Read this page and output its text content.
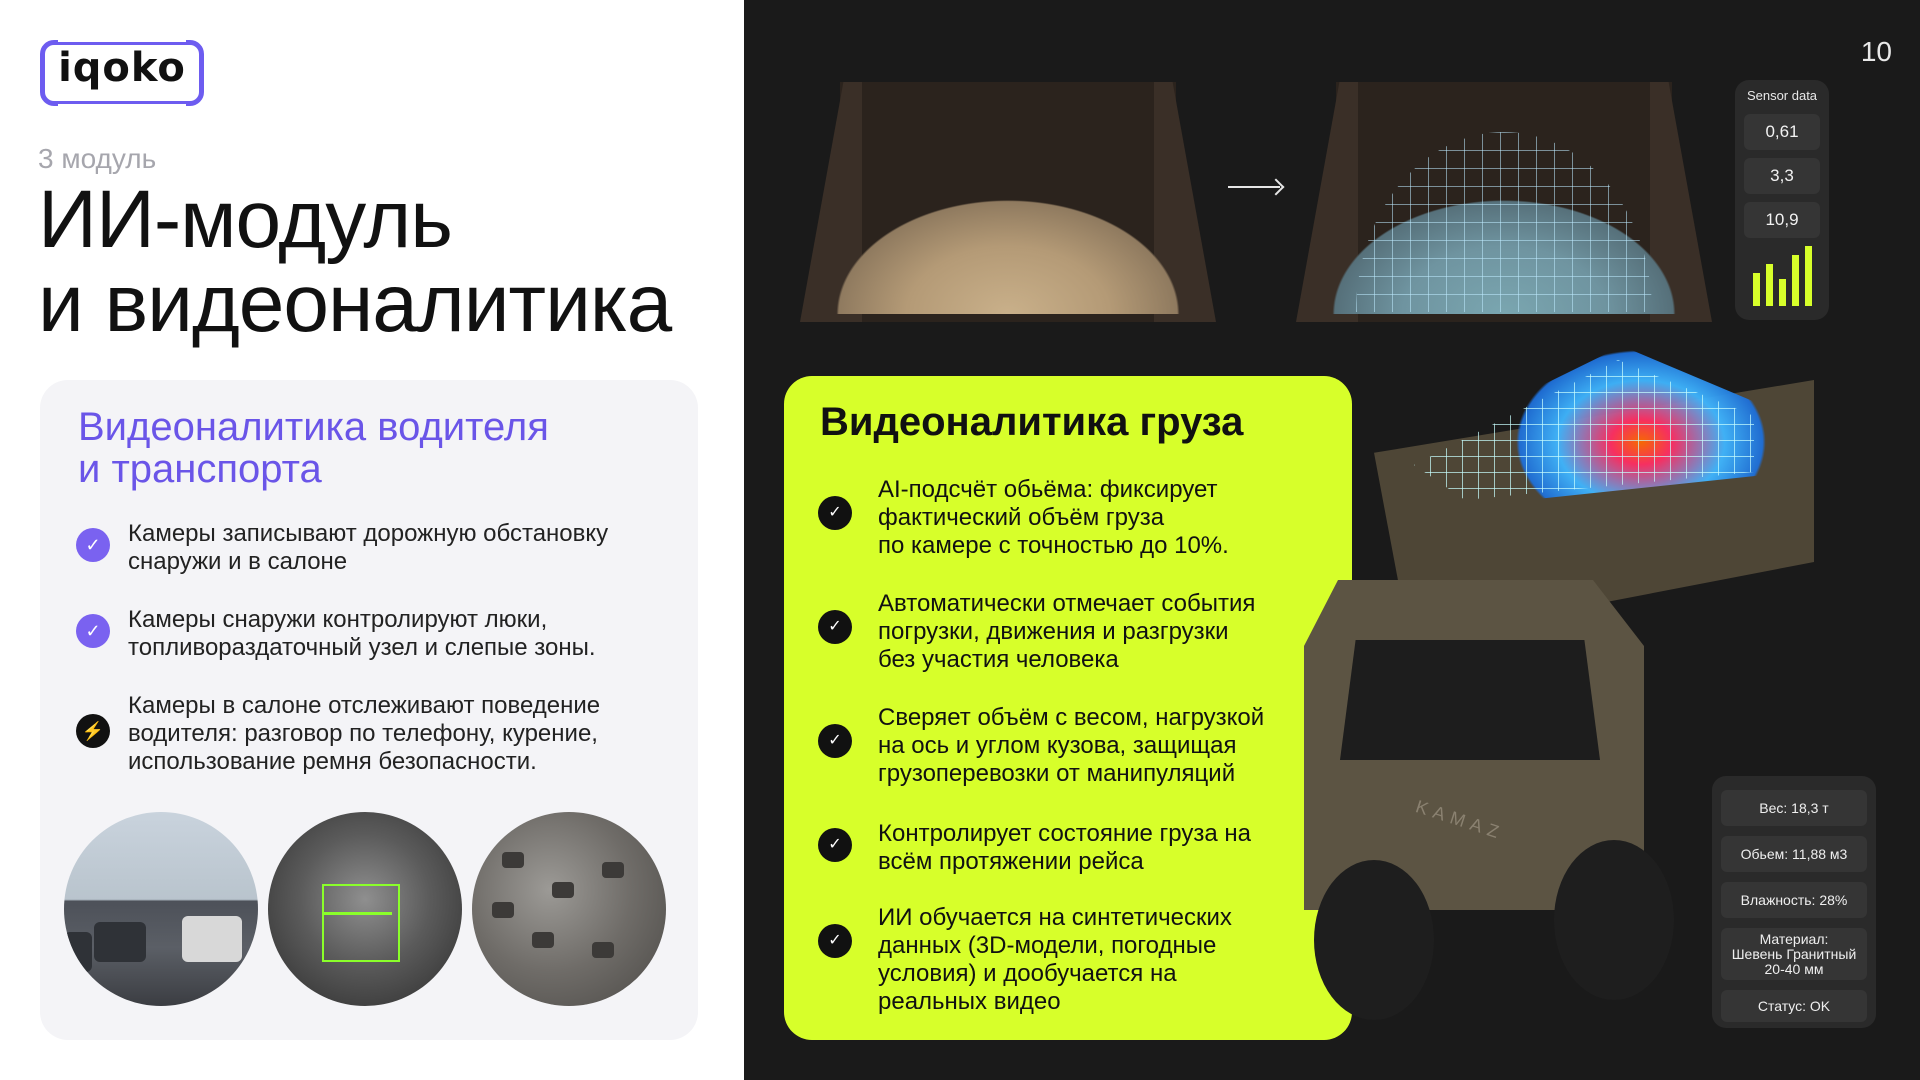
iqoko
3 модуль
ИИ-модуль
и видеоналитика
Видеоналитика водителя
и транспорта
✓	Камеры записывают дорожную обстановку
снаружи и в салоне
✓	Камеры снаружи контролируют люки,
топливораздаточный узел и слепые зоны.
⚡
Камеры в салоне отслеживают поведение
водителя: разговор по телефону, курение,
использование ремня безопасности.
10
Sensor data
0,61
3,3
10,9
Видеоналитика груза
✓
AI-подсчёт обьёма: фиксирует
фактический объём груза
по камере с точностью до 10%.
✓
Автоматически отмечает события
погрузки, движения и разгрузки
без участия человека
✓
Сверяет объём с весом, нагрузкой
на ось и углом кузова, защищая
грузоперевозки от манипуляций
✓	Контролирует состояние груза на
всём протяжении рейса
✓
ИИ обучается на синтетических
данных (3D-модели, погодные
условия) и дообучается на
реальных видео
KAMAZ	Вес: 18,3 т
Обьем: 11,88 м3
Влажность: 28%
Материал:
Шевень Гранитный
20-40 мм
Статус: OK
